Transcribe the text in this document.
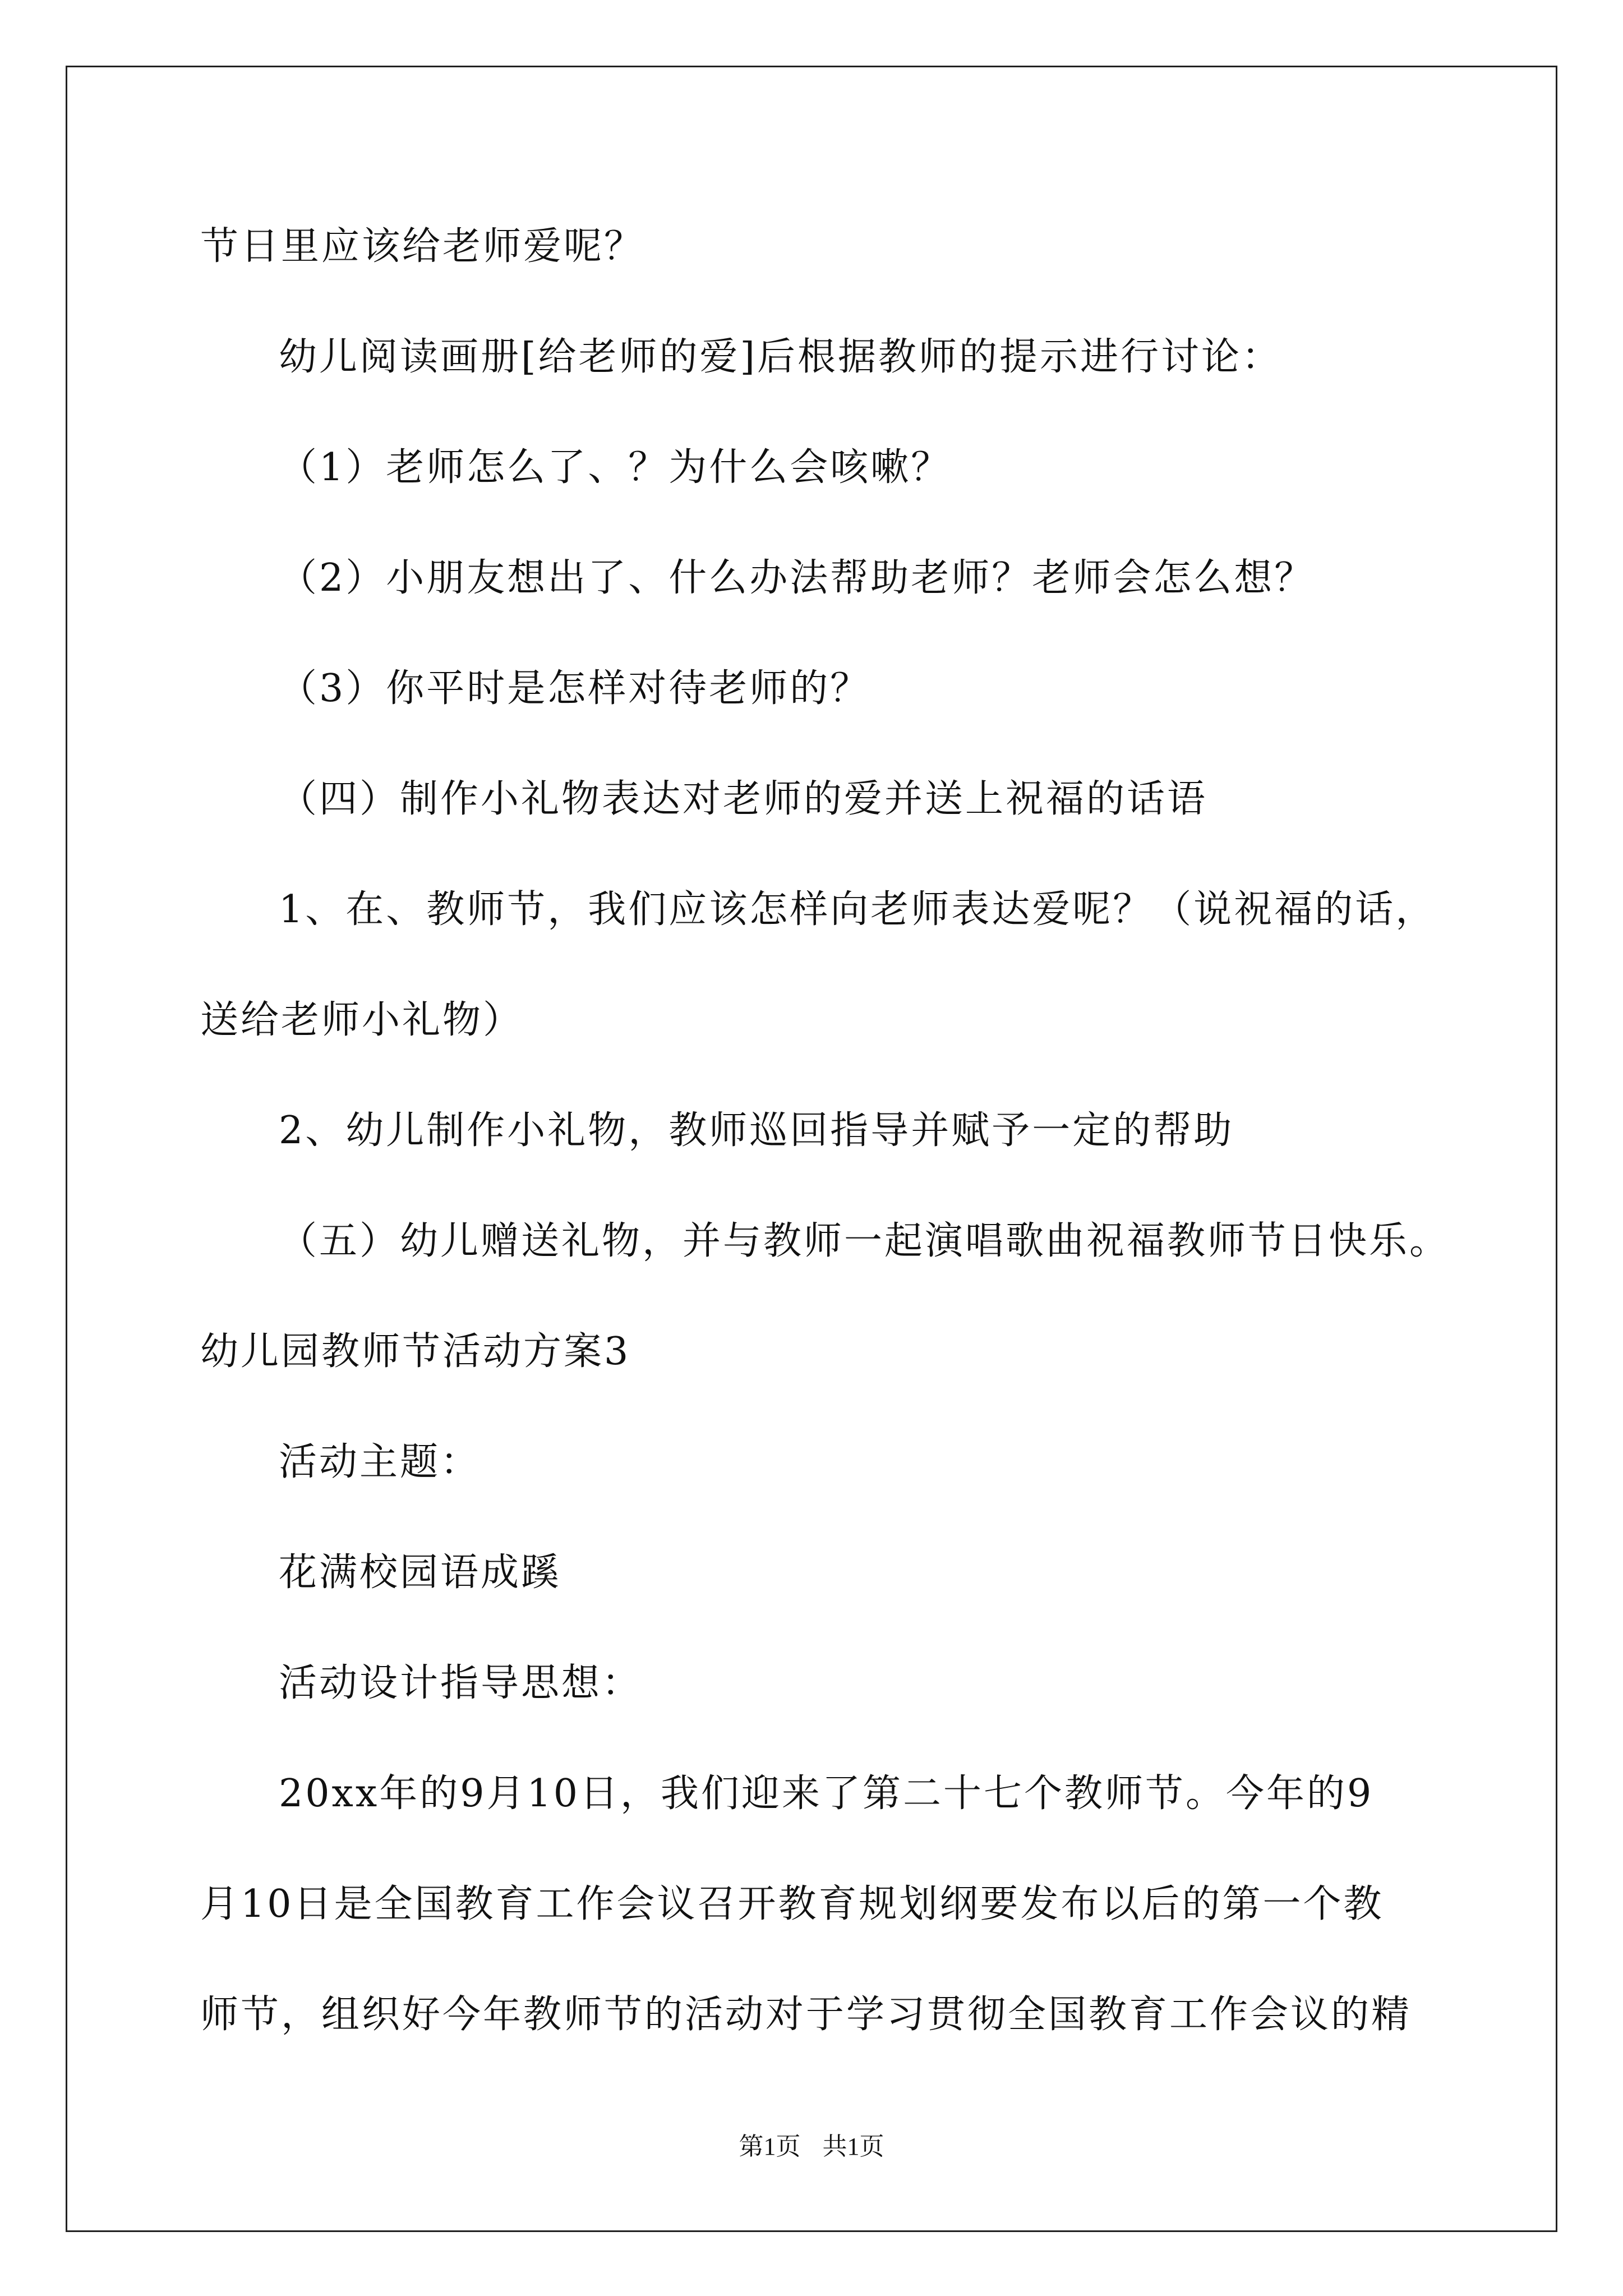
节日里应该给老师爱呢？
幼儿阅读画册[给老师的爱]后根据教师的提示进行讨论：
（1）老师怎么了、？为什么会咳嗽？
（2）小朋友想出了、什么办法帮助老师？老师会怎么想？
（3）你平时是怎样对待老师的？
（四）制作小礼物表达对老师的爱并送上祝福的话语
1、在、教师节，我们应该怎样向老师表达爱呢？（说祝福的话，
送给老师小礼物）
2、幼儿制作小礼物，教师巡回指导并赋予一定的帮助
（五）幼儿赠送礼物，并与教师一起演唱歌曲祝福教师节日快乐。
幼儿园教师节活动方案3
活动主题：
花满校园语成蹊
活动设计指导思想：
20xx年的9月10日，我们迎来了第二十七个教师节。今年的9
月10日是全国教育工作会议召开教育规划纲要发布以后的第一个教
师节，组织好今年教师节的活动对于学习贯彻全国教育工作会议的精
第1页 共1页
